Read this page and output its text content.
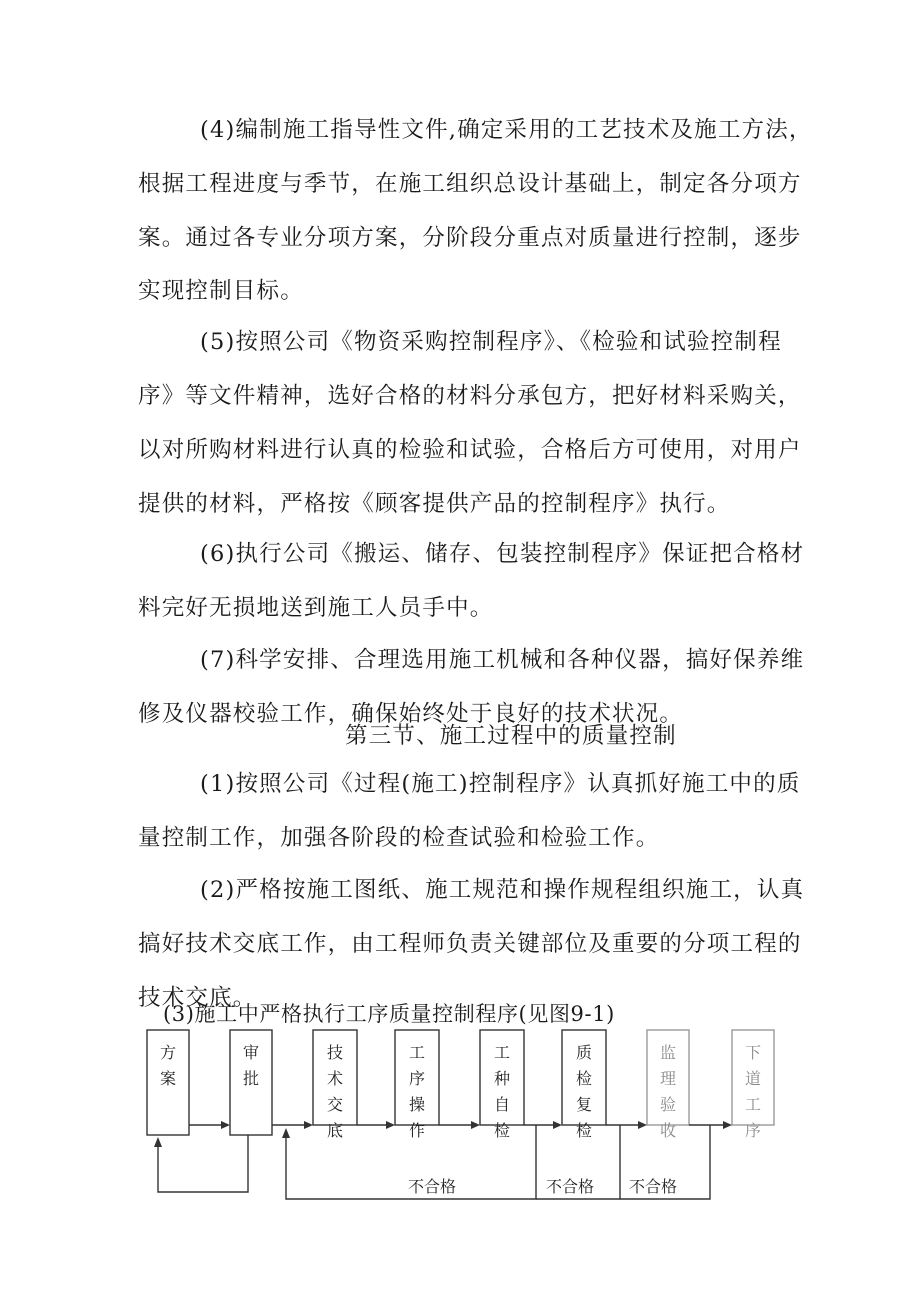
(4)编制施工指导性文件,确定采用的工艺技术及施工方法，
根据工程进度与季节，在施工组织总设计基础上，制定各分项方
案。通过各专业分项方案，分阶段分重点对质量进行控制，逐步
实现控制目标。
(5)按照公司《物资采购控制程序》、《检验和试验控制程
序》等文件精神，选好合格的材料分承包方，把好材料采购关，
以对所购材料进行认真的检验和试验，合格后方可使用，对用户
提供的材料，严格按《顾客提供产品的控制程序》执行。
(6)执行公司《搬运、储存、包装控制程序》保证把合格材
料完好无损地送到施工人员手中。
(7)科学安排、合理选用施工机械和各种仪器，搞好保养维
修及仪器校验工作，确保始终处于良好的技术状况。
(1)按照公司《过程(施工)控制程序》认真抓好施工中的质
量控制工作，加强各阶段的检查试验和检验工作。
(2)严格按施工图纸、施工规范和操作规程组织施工，认真
搞好技术交底工作，由工程师负责关键部位及重要的分项工程的
技术交底。
第三节、施工过程中的质量控制
(3)施工中严格执行工序质量控制程序(见图9-1)
方
案
审
批
技
术
交
底
工
序
操
作
工
种
自
检
质
检
复
检
监
理
验
收
下
道
工
序
不合格	不合格 不合格
